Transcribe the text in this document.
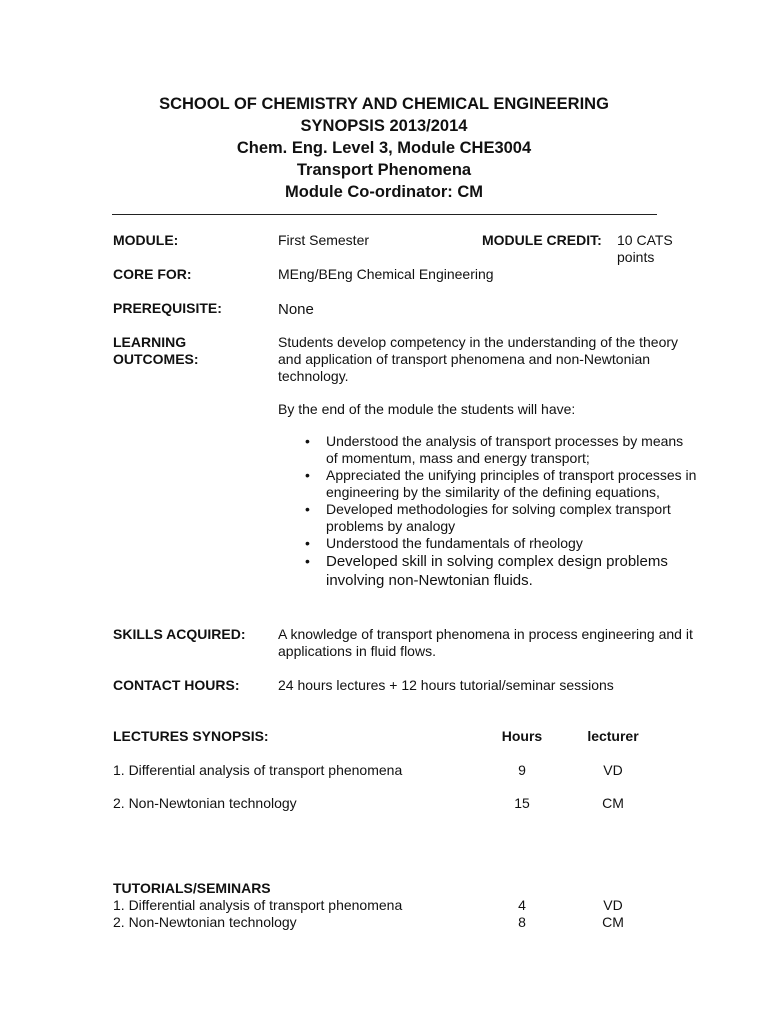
SCHOOL OF CHEMISTRY AND CHEMICAL ENGINEERING
SYNOPSIS 2013/2014
Chem. Eng. Level 3, Module CHE3004
Transport Phenomena
Module Co-ordinator: CM

MODULE:	First Semester	MODULE CREDIT: 10 CATS

points

CORE FOR:	MEng/BEng Chemical Engineering

PREREQUISITE:	None

LEARNING

OUTCOMES:

Students develop competency in the understanding of the theory and application of transport phenomena and non-Newtonian technology.

By the end of the module the students will have:

• Understood the analysis of transport processes by means of momentum, mass and energy transport;
• Appreciated the unifying principles of transport processes in engineering by the similarity of the defining equations,
• Developed methodologies for solving complex transport problems by analogy
• Understood the fundamentals of rheology
• Developed skill in solving complex design problems involving non-Newtonian fluids.

SKILLS ACQUIRED: A knowledge of transport phenomena in process engineering and it applications in fluid flows.

CONTACT HOURS:	24 hours lectures + 12 hours tutorial/seminar sessions

LECTURES SYNOPSIS:	Hours	lecturer

1. Differential analysis of transport phenomena	9	VD

2. Non-Newtonian technology	15	CM

TUTORIALS/SEMINARS

1. Differential analysis of transport phenomena	4	VD

2. Non-Newtonian technology	8	CM
